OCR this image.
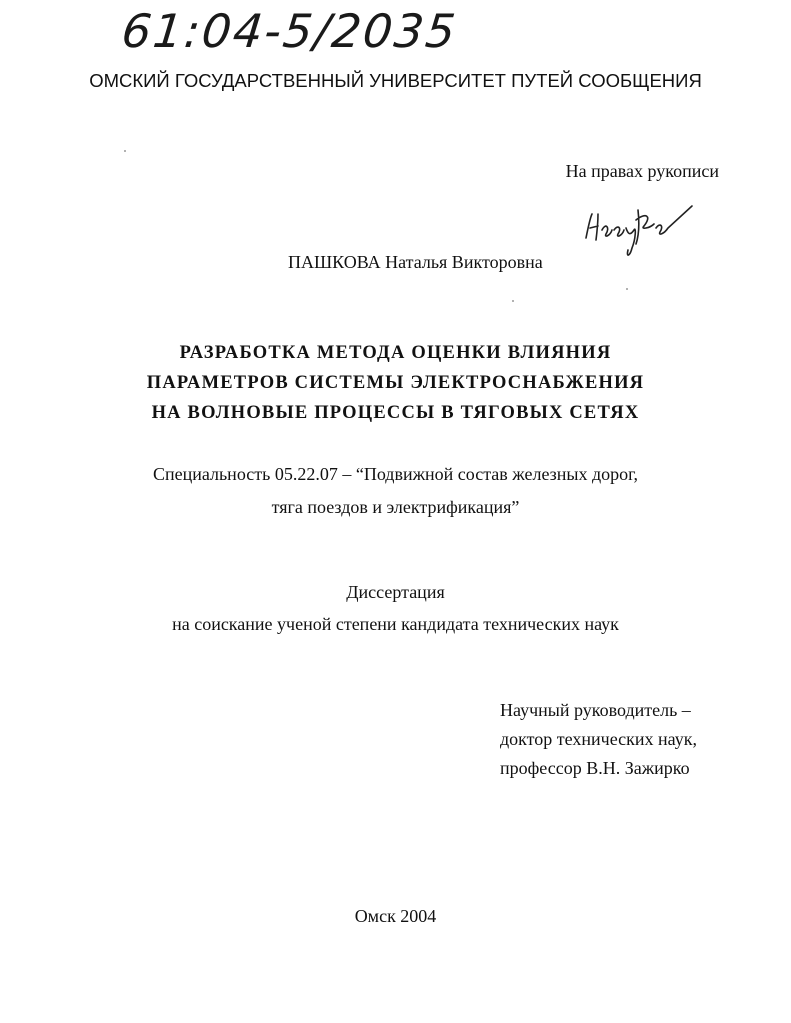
61:04-5/2035
ОМСКИЙ ГОСУДАРСТВЕННЫЙ УНИВЕРСИТЕТ ПУТЕЙ СООБЩЕНИЯ
На правах рукописи
ПАШКОВА Наталья Викторовна
РАЗРАБОТКА МЕТОДА ОЦЕНКИ ВЛИЯНИЯ
ПАРАМЕТРОВ СИСТЕМЫ ЭЛЕКТРОСНАБЖЕНИЯ
НА ВОЛНОВЫЕ ПРОЦЕССЫ В ТЯГОВЫХ СЕТЯХ
Специальность 05.22.07 – “Подвижной состав железных дорог,
тяга поездов и электрификация”
Диссертация
на соискание ученой степени кандидата технических наук
Научный руководитель –
доктор технических наук,
профессор В.Н. Зажирко
Омск 2004
